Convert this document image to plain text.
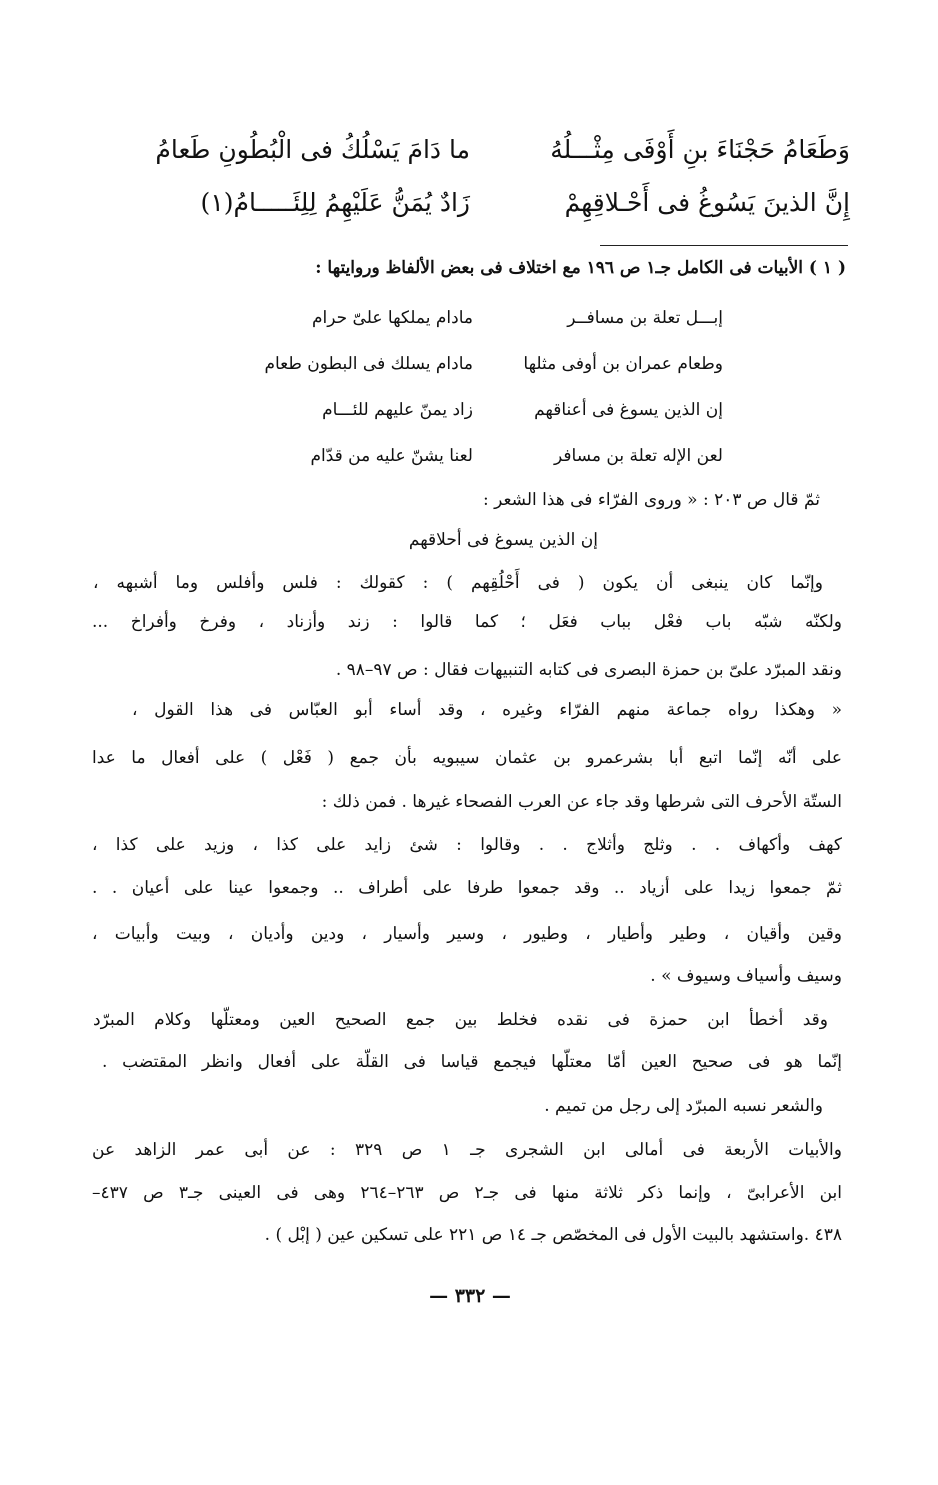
وَطَعَامُ حَجْنَاءَ بنِ أَوْفَى مِثْـــلُهُ
ما دَامَ يَسْلُكُ فى الْبُطُونِ طَعامُ
إِنَّ الذينَ يَسُوغُ فى أَحْـلاقِهِمْ
زَادٌ يُمَنُّ عَلَيْهِمُ لِلِئَـــــامُ(١)
( ١ ) الأبيات فى الكامل جـ١ ص ١٩٦ مع اختلاف فى بعض الألفاظ وروايتها :
إبـــل تعلة بن مسافــر
مادام يملكها علىّ حرام
وطعام عمران بن أوفى مثلها
مادام يسلك فى البطون طعام
إن الذين يسوغ فى أعناقهم
زاد يمنّ عليهم للئـــام
لعن الإله تعلة بن مسافر
لعنا يشنّ عليه من قدّام
ثمّ قال ص ٢٠٣ : « وروى الفرّاء فى هذا الشعر :
إن الذين يسوغ فى أحلاقهم
وإنّما كان ينبغى أن يكون ( فى أَحْلُقِهم ) : كقولك : فلس وأفلس وما أشبهه ،
ولكنّه شبّه باب فعْل بباب فعَل ؛ كما قالوا : زند وأزناد ، وفرخ وأفراخ ...
ونقد المبرّد علىّ بن حمزة البصرى فى كتابه التنبيهات فقال : ص ٩٧–٩٨ .
« وهكذا رواه جماعة منهم الفرّاء وغيره ، وقد أساء أبو العبّاس فى هذا القول ،
على أنّه إنّما اتبع أبا بشرعمرو بن عثمان سيبويه بأن جمع ( فَعْل ) على أفعال ما عدا
الستّة الأحرف التى شرطها وقد جاء عن العرب الفصحاء غيرها . فمن ذلك :
كهف وأكهاف . . وثلج وأثلاج . . وقالوا : شئ زايد على كذا ، وزيد على كذا ،
ثمّ جمعوا زيدا على أزياد .. وقد جمعوا طرفا على أطراف .. وجمعوا عينا على أعيان . .
وقين وأقيان ، وطير وأطيار ، وطيور ، وسير وأسيار ، ودين وأديان ، وبيت وأبيات ،
وسيف وأسياف وسيوف » .
وقد أخطأ ابن حمزة فى نقده فخلط بين جمع الصحيح العين ومعتلّها وكلام المبرّد
إنّما هو فى صحيح العين أمّا معتلّها فيجمع قياسا فى القلّة على أفعال وانظر المقتضب .
والشعر نسبه المبرّد إلى رجل من تميم .
والأبيات الأربعة فى أمالى ابن الشجرى جـ ١ ص ٣٢٩ : عن أبى عمر الزاهد عن
ابن الأعرابىّ ، وإنما ذكر ثلاثة منها فى جـ٢ ص ٢٦٣–٢٦٤ وهى فى العينى جـ٣ ص ٤٣٧–
٤٣٨ .واستشهد بالبيت الأول فى المخصّص جـ ١٤ ص ٢٢١ على تسكين عين ( إبْل ) .
— ٣٣٢ —
